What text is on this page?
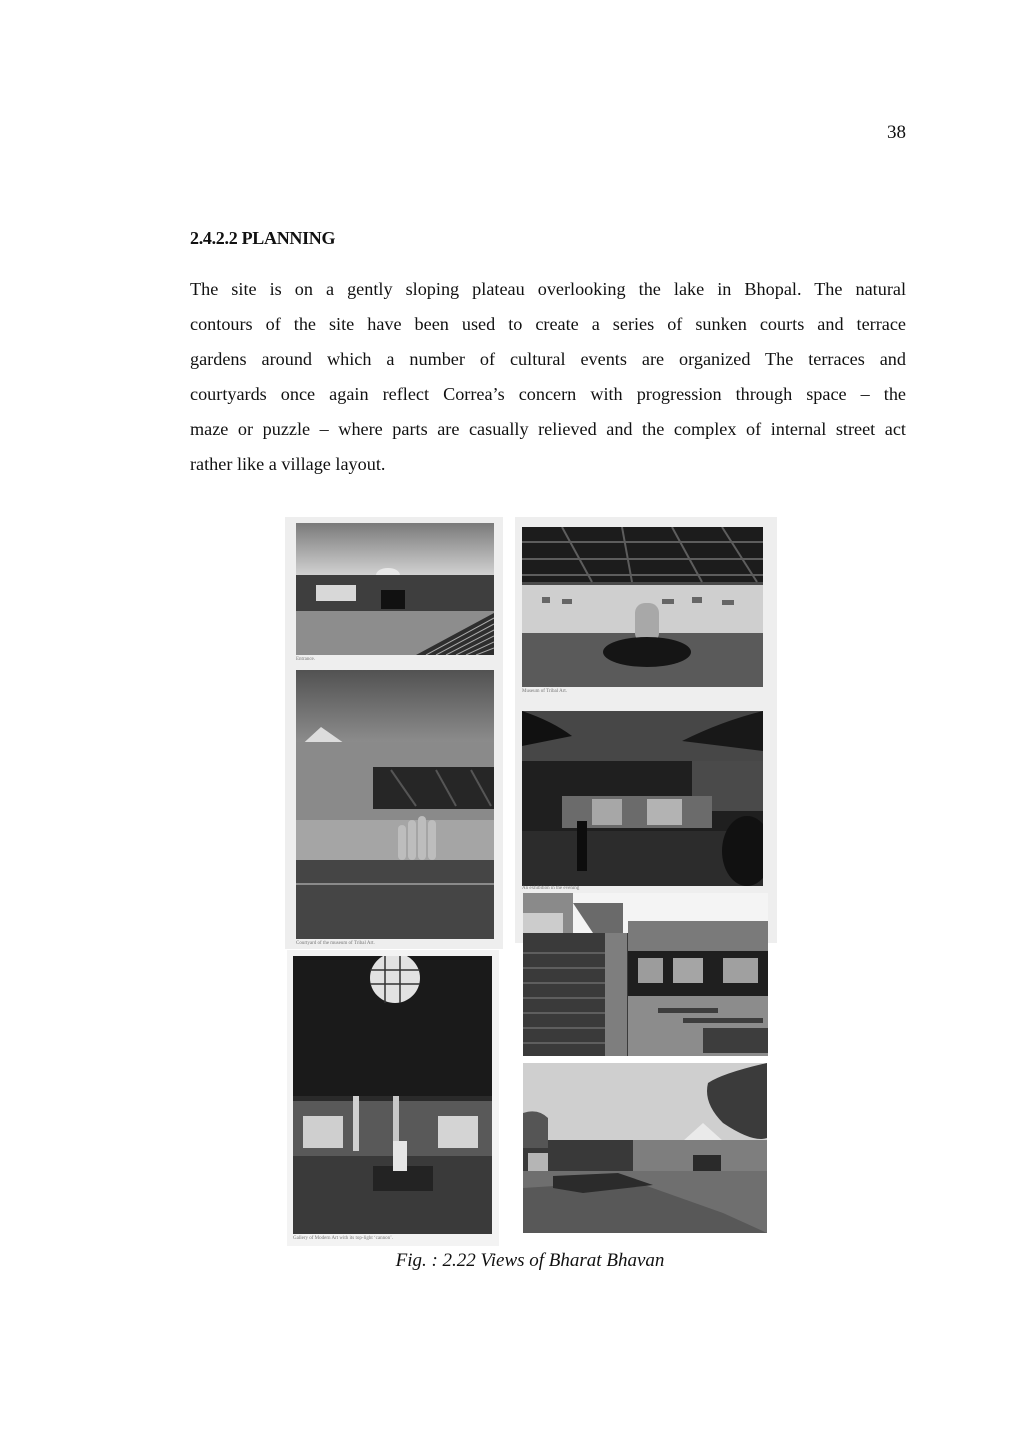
38
2.4.2.2 PLANNING
The site is on a gently sloping plateau overlooking the lake in Bhopal. The natural
contours of the site have been used to create a series of sunken courts and terrace
gardens around which a number of cultural events are organized The terraces and
courtyards once again reflect Correa’s concern with progression through space – the
maze or puzzle – where parts are casually relieved and the complex of internal street act
rather like a village layout.
Entrance.
Museum of Tribal Art.
Courtyard of the museum of Tribal Art.
An exhibition in the evening
Gallery of Modern Art with its top-light ‘cannon’.
Fig. : 2.22 Views of Bharat Bhavan
